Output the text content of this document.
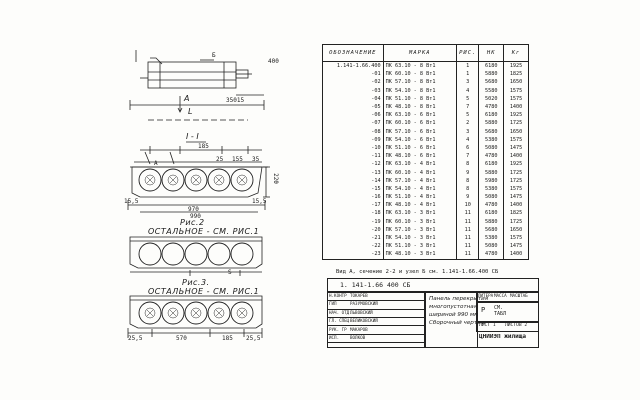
400
Б
A
L
35015
I - I
185
25 155 35
220
15,5
970
15,5
990
Рис.2
ОСТАЛЬНОЕ - СМ. РИС.1
S
Рис.3.
ОСТАЛЬНОЕ - СМ. РИС.1
25,5	570	185 25,5
А
ОБОЗНАЧЕНИЕ	МАРКА	РИС.	НК	Кг
1.141-1.66.400	ПК 63.10 - 8 Вт1	1	6180	1925
-01	ПК 60.10 - 8 Вт1	1	5880	1825
-02	ПК 57.10 - 8 Вт1	3	5680	1650
-03	ПК 54.10 - 8 Вт1	4	5580	1575
-04	ПК 51.10 - 8 Вт1	5	5020	1575
-05	ПК 48.10 - 8 Вт1	7	4780	1400
-06	ПК 63.10 - 6 Вт1	5	6180	1925
-07	ПК 60.10 - 6 Вт1	2	5880	1725
-08	ПК 57.10 - 6 Вт1	3	5680	1650
-09	ПК 54.10 - 6 Вт1	4	5380	1575
-10	ПК 51.10 - 6 Вт1	6	5080	1475
-11	ПК 48.10 - 6 Вт1	7	4780	1400
-12	ПК 63.10 - 4 Вт1	8	6180	1925
-13	ПК 60.10 - 4 Вт1	9	5880	1725
-14	ПК 57.10 - 4 Вт1	8	5980	1725
-15	ПК 54.10 - 4 Вт1	8	5380	1575
-16	ПК 51.10 - 4 Вт1	9	5080	1475
-17	ПК 48.10 - 4 Вт1	10	4780	1400
-18	ПК 63.10 - 3 Вт1	11	6180	1825
-19	ПК 60.10 - 3 Вт1	11	5880	1725
-20	ПК 57.10 - 3 Вт1	11	5680	1650
-21	ПК 54.10 - 3 Вт1	11	5380	1575
-22	ПК 51.10 - 3 Вт1	11	5080	1475
-23	ПК 48.10 - 3 Вт1	11	4780	1400
Вид А, сечение 2-2 и узел Б см. 1.141-1.66.400 СБ
1. 141-1.66 400 СБ
Панель перекрытия
многопустотная
шириной 990 мм
Сборочный чертеж
ЛИТЕРА МАССА МАСШТАБ
Р СМ. ТАБЛ
ЛИСТ 1 ЛИСТОВ 2
ЦНИИЭП жилища
Н.КОНТР ТОКАРЕВ
ГИП	РАЗУМОВСКИЙ
НАЧ. ОТД ЛЬВОВСКИЙ
ГЛ. СПЕЦ ВЕЛИКОВСКИЙ
РУК. ГР МАКАРОВ
ИСП.	ВОЛКОВ
